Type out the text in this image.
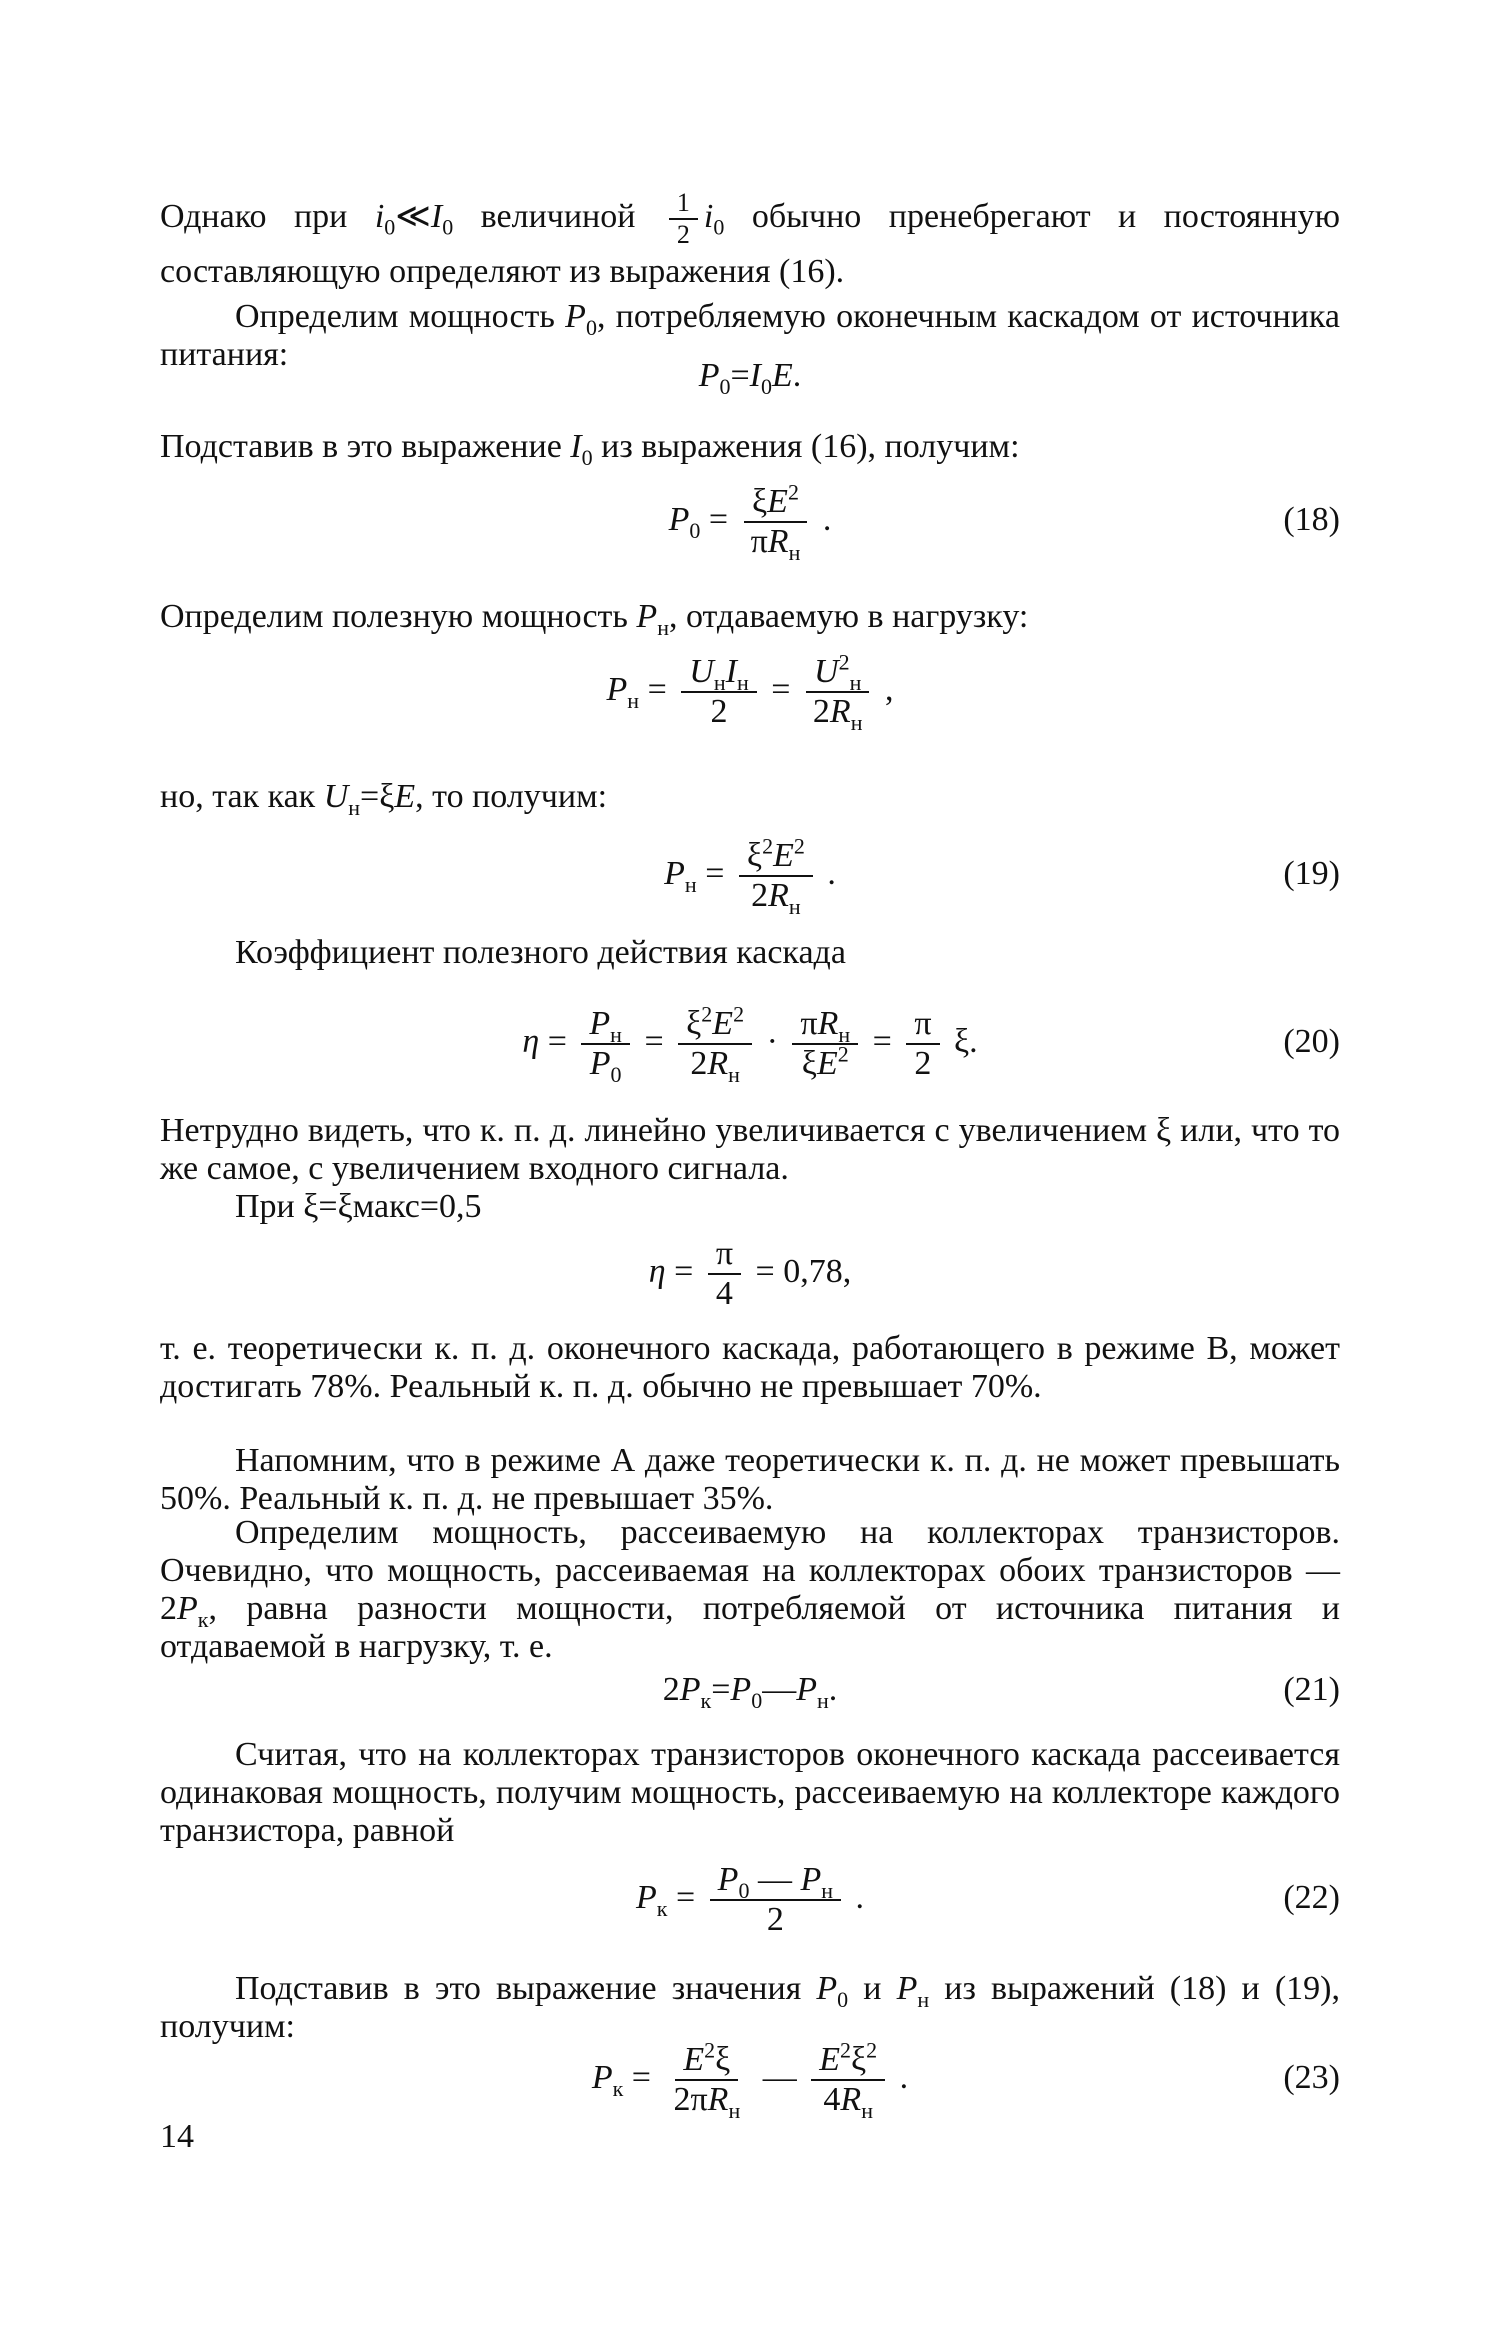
Однако при $i_0≪I_0$ величиной $\frac{1}{2} i_0$ обычно пренебрегают и постоянную составляющую определяют из выражения (16).

Определим мощность $P_0$, потребляемую оконечным каскадом от источника питания:

$P_0=I_0E$.

Подставив в это выражение $I_0$ из выражения (16), получим:

$P_0 = \frac{\xi E^2}{\pi R_н}$ .	(18)

Определим полезную мощность $P_н$, отдаваемую в нагрузку:

$P_н = \frac{U_нI_н}{2} = \frac{U^2_н}{2R_н}$ ,

но, так как $U_н=\xi E$, то получим:

$P_н = \frac{\xi^2E^2}{2R_н}$ .	(19)

Коэффициент полезного действия каскада

$\eta = \frac{P_н}{P_0} = \frac{\xi^2E^2}{2R_н} \cdot \frac{\pi R_н}{\xi E^2} = \frac{\pi}{2} \xi$.	(20)

Нетрудно видеть, что к. п. д. линейно увеличивается с увеличением ξ или, что то же самое, с увеличением входного сигнала.

При ξ=ξмакс=0,5

$\eta = \frac{\pi}{4} = 0,78$,

т. е. теоретически к. п. д. оконечного каскада, работающего в режиме В, может достигать 78%. Реальный к. п. д. обычно не превышает 70%.

Напомним, что в режиме А даже теоретически к. п. д. не может превышать 50%. Реальный к. п. д. не превышает 35%.

Определим мощность, рассеиваемую на коллекторах транзисторов. Очевидно, что мощность, рассеиваемая на коллекторах обоих транзисторов — $2P_к$, равна разности мощности, потребляемой от источника питания и отдаваемой в нагрузку, т. е.

$2P_к=P_0—P_н$.	(21)

Считая, что на коллекторах транзисторов оконечного каскада рассеивается одинаковая мощность, получим мощность, рассеиваемую на коллекторе каждого транзистора, равной

$P_к = \frac{P_0 — P_н}{2}$ .	(22)

Подставив в это выражение значения $P_0$ и $P_н$ из выражений (18) и (19), получим:

$P_к = \frac{E^2\xi}{2\pi R_н}$ — $\frac{E^2\xi^2}{4R_н}$ .	(23)
14
